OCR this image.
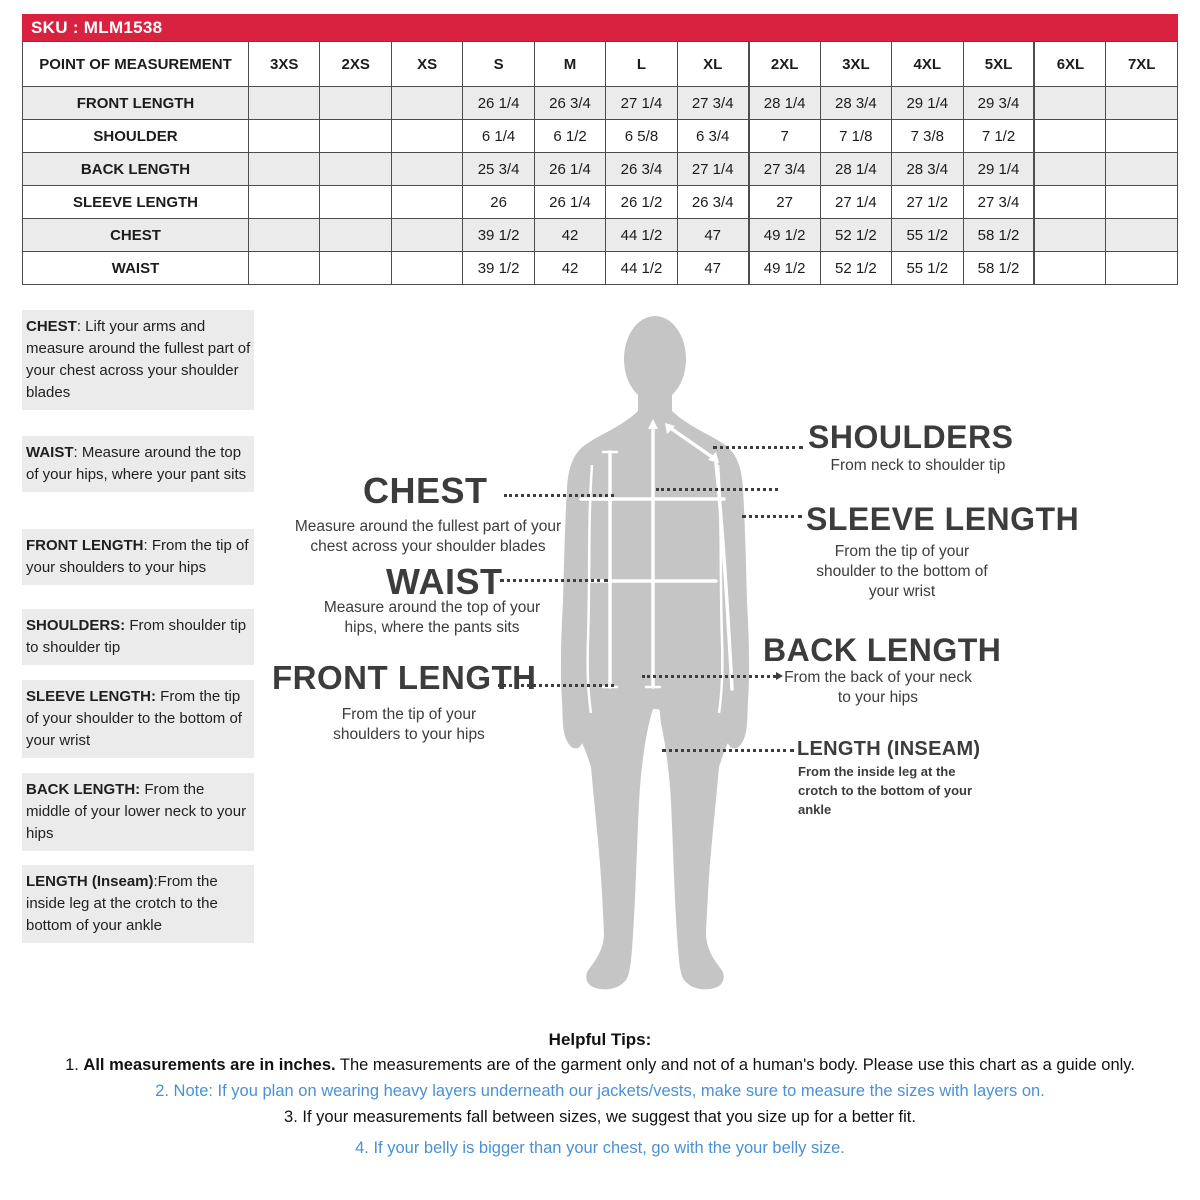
SKU : MLM1538
POINT OF MEASUREMENT	3XS	2XS	XS	S	M	L	XL	2XL	3XL	4XL	5XL	6XL	7XL
FRONT LENGTH				26 1/4	26 3/4	27 1/4	27 3/4	28 1/4	28 3/4	29 1/4	29 3/4		
SHOULDER				6 1/4	6 1/2	6 5/8	6 3/4	7	7 1/8	7 3/8	7 1/2		
BACK LENGTH				25 3/4	26 1/4	26 3/4	27 1/4	27 3/4	28 1/4	28 3/4	29 1/4		
SLEEVE LENGTH				26	26 1/4	26 1/2	26 3/4	27	27 1/4	27 1/2	27 3/4		
CHEST				39 1/2	42	44 1/2	47	49 1/2	52 1/2	55 1/2	58 1/2		
WAIST				39 1/2	42	44 1/2	47	49 1/2	52 1/2	55 1/2	58 1/2		
CHEST: Lift your arms and measure around the fullest part of your chest across your shoulder blades
WAIST: Measure around the top of your hips, where your pant sits
FRONT LENGTH: From the tip of your shoulders to your hips
SHOULDERS: From shoulder tip to shoulder tip
SLEEVE LENGTH: From the tip of your shoulder to the bottom of your wrist
BACK LENGTH: From the middle of your lower neck to your hips
LENGTH (Inseam):From the inside leg at the crotch to the bottom of your ankle
CHEST
Measure around the fullest part of your chest across your shoulder blades
WAIST
Measure around the top of your hips, where the pants sits
FRONT LENGTH
From the tip of your shoulders to your hips
SHOULDERS
From neck to shoulder tip
SLEEVE LENGTH
From the tip of your shoulder to the bottom of your wrist
BACK LENGTH
From the back of your neck to your hips
LENGTH (INSEAM)
From the inside leg at the crotch to the bottom of your ankle
Helpful Tips:
1. All measurements are in inches. The measurements are of the garment only and not of a human's body. Please use this chart as a guide only.
2. Note: If you plan on wearing heavy layers underneath our jackets/vests, make sure to measure the sizes with layers on.
3. If your measurements fall between sizes, we suggest that you size up for a better fit.
4. If your belly is bigger than your chest, go with the your belly size.
